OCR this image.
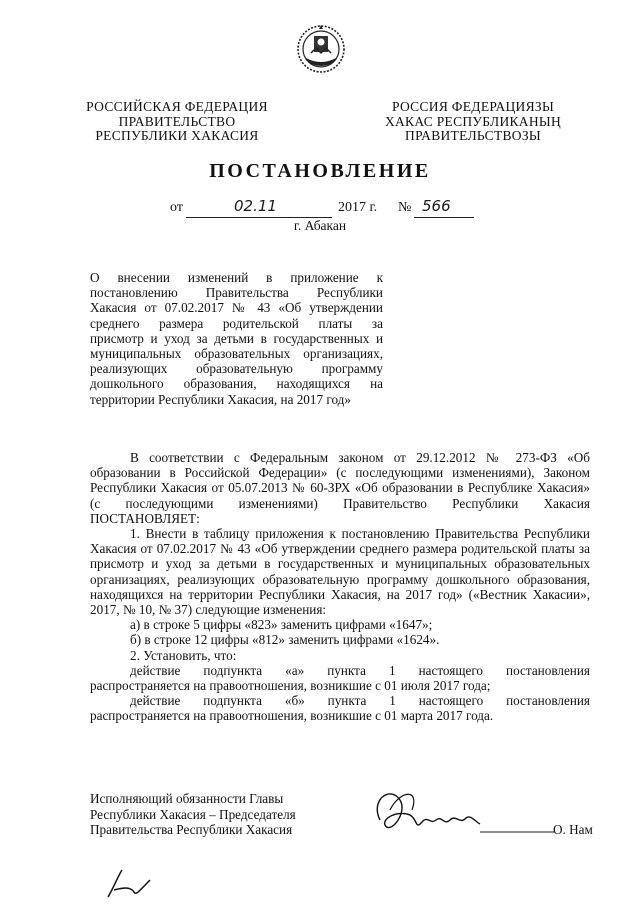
РОССИЙСКАЯ ФЕДЕРАЦИЯ
ПРАВИТЕЛЬСТВО
РЕСПУБЛИКИ ХАКАСИЯ
РОССИЯ ФЕДЕРАЦИЯЗЫ
ХАКАС РЕСПУБЛИКАНЫҢ
ПРАВИТЕЛЬСТВОЗЫ
ПОСТАНОВЛЕНИЕ
от	02.11	2017 г. № 566
г. Абакан
О внесении изменений в приложение к
постановлению Правительства Республики
Хакасия от 07.02.2017 № 43 «Об утверждении
среднего размера родительской платы за
присмотр и уход за детьми в государственных и
муниципальных образовательных организациях,
реализующих образовательную программу
дошкольного образования, находящихся на
территории Республики Хакасия, на 2017 год»

В соответствии с Федеральным законом от 29.12.2012 № 273-ФЗ «Об образовании в Российской Федерации» (с последующими изменениями), Законом Республики Хакасия от 05.07.2013 № 60-ЗРХ «Об образовании в Республике Хакасия» (с последующими изменениями) Правительство Республики Хакасия ПОСТАНОВЛЯЕТ:

1. Внести в таблицу приложения к постановлению Правительства Республики Хакасия от 07.02.2017 № 43 «Об утверждении среднего размера родительской платы за присмотр и уход за детьми в государственных и муниципальных образовательных организациях, реализующих образовательную программу дошкольного образования, находящихся на территории Республики Хакасия, на 2017 год» («Вестник Хакасии», 2017, № 10, № 37) следующие изменения:

а) в строке 5 цифры «823» заменить цифрами «1647»;

б) в строке 12 цифры «812» заменить цифрами «1624».

2. Установить, что:

действие подпункта «а» пункта 1 настоящего постановления

распространяется на правоотношения, возникшие с 01 июля 2017 года;

действие подпункта «б» пункта 1 настоящего постановления

распространяется на правоотношения, возникшие с 01 марта 2017 года.

Исполняющий обязанности Главы
Республики Хакасия – Председателя
Правительства Республики Хакасия	О. Нам
